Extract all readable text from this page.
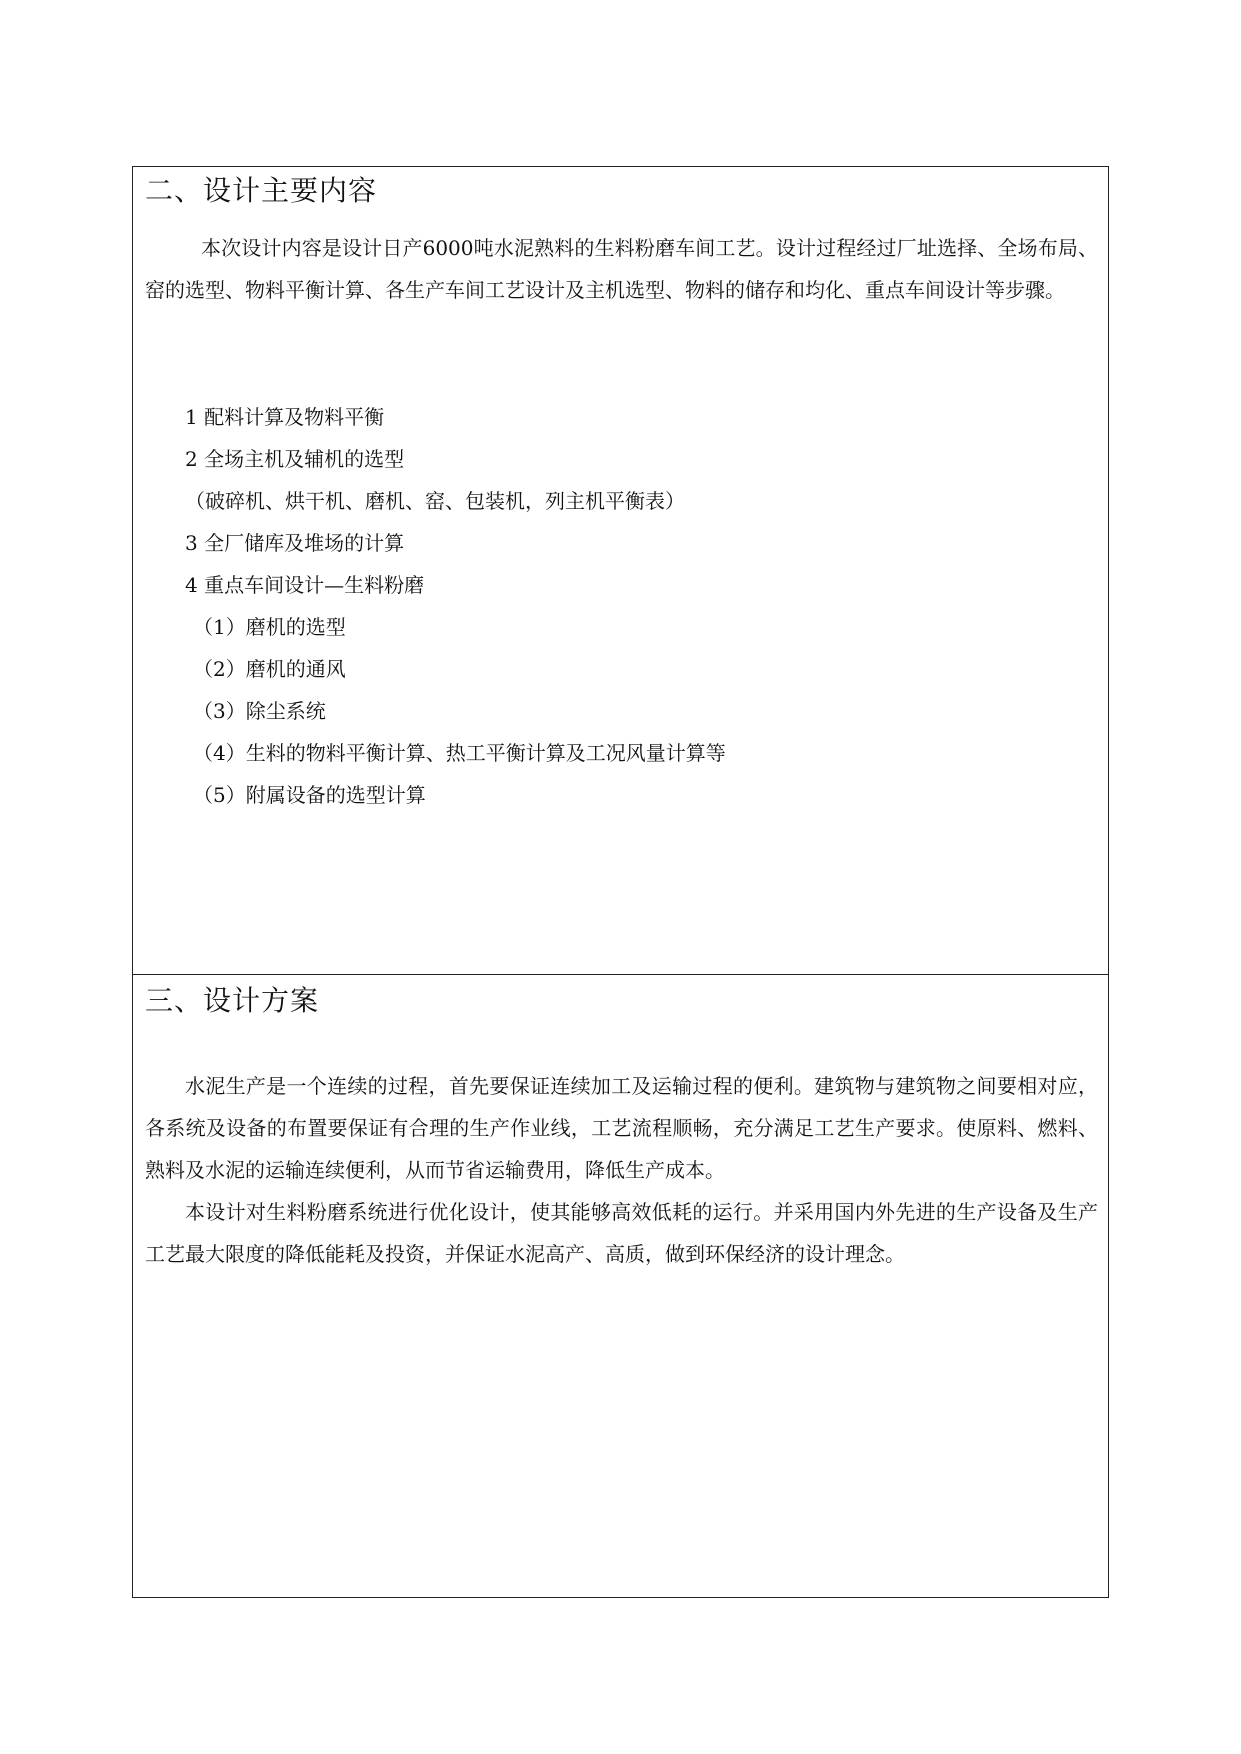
二、设计主要内容

本次设计内容是设计日产6000吨水泥熟料的生料粉磨车间工艺。设计过程经过厂址选择、全场布局、窑的选型、物料平衡计算、各生产车间工艺设计及主机选型、物料的储存和均化、重点车间设计等步骤。

1 配料计算及物料平衡
2 全场主机及辅机的选型
（破碎机、烘干机、磨机、窑、包装机，列主机平衡表）
3 全厂储库及堆场的计算
4 重点车间设计—生料粉磨
（1）磨机的选型
（2）磨机的通风
（3）除尘系统
（4）生料的物料平衡计算、热工平衡计算及工况风量计算等
（5）附属设备的选型计算
三、设计方案

水泥生产是一个连续的过程，首先要保证连续加工及运输过程的便利。建筑物与建筑物之间要相对应，各系统及设备的布置要保证有合理的生产作业线，工艺流程顺畅，充分满足工艺生产要求。使原料、燃料、熟料及水泥的运输连续便利，从而节省运输费用，降低生产成本。

本设计对生料粉磨系统进行优化设计，使其能够高效低耗的运行。并采用国内外先进的生产设备及生产工艺最大限度的降低能耗及投资，并保证水泥高产、高质，做到环保经济的设计理念。
